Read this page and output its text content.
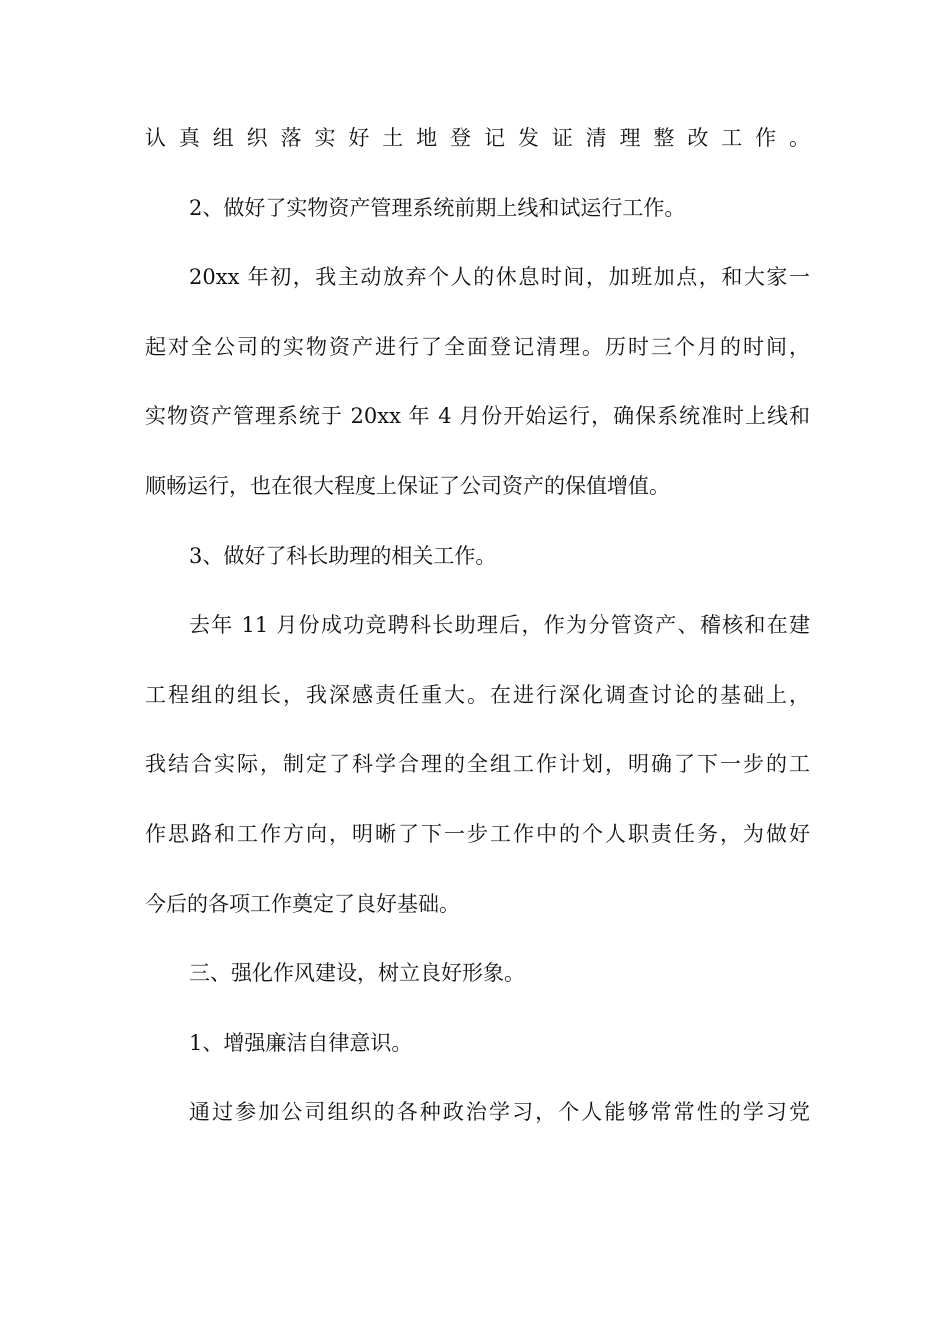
认真组织落实好土地登记发证清理整改工作。
2、做好了实物资产管理系统前期上线和试运行工作。
20xx 年初，我主动放弃个人的休息时间，加班加点，和大家一
起对全公司的实物资产进行了全面登记清理。历时三个月的时间，
实物资产管理系统于 20xx 年 4 月份开始运行，确保系统准时上线和
顺畅运行，也在很大程度上保证了公司资产的保值增值。
3、做好了科长助理的相关工作。
去年 11 月份成功竞聘科长助理后，作为分管资产、稽核和在建
工程组的组长，我深感责任重大。在进行深化调查讨论的基础上，
我结合实际，制定了科学合理的全组工作计划，明确了下一步的工
作思路和工作方向，明晰了下一步工作中的个人职责任务，为做好
今后的各项工作奠定了良好基础。
三、强化作风建设，树立良好形象。
1、增强廉洁自律意识。
通过参加公司组织的各种政治学习，个人能够常常性的学习党
